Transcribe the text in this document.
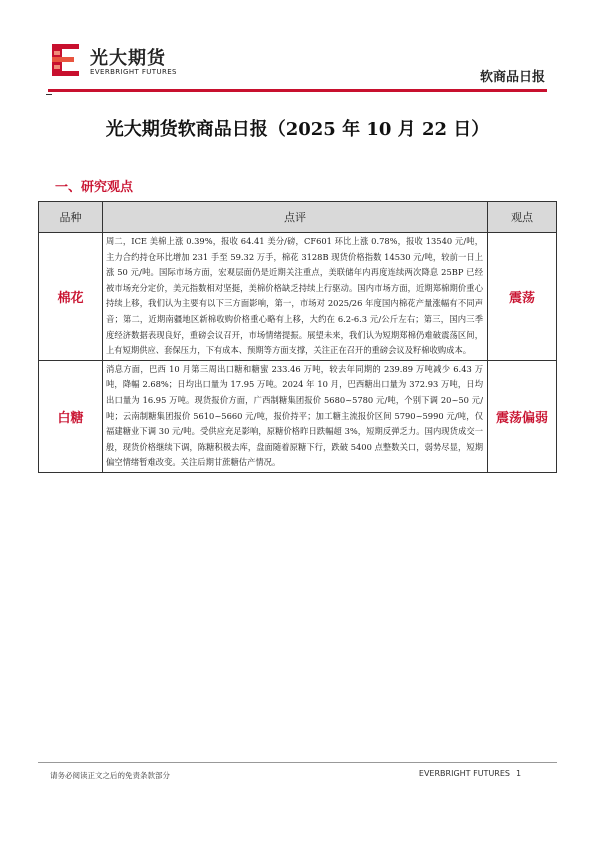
光大期货
EVERBRIGHT FUTURES	软商品日报
光大期货软商品日报（2025 年 10 月 22 日）
一、研究观点
品种	点评	观点
棉花	周二，ICE 美棉上涨 0.39%，报收 64.41 美分/磅，CF601 环比上涨 0.78%，报收 13540 元/吨，主力合约持仓环比增加 231 手至 59.32 万手，棉花 3128B 现货价格指数 14530 元/吨，较前一日上涨 50 元/吨。国际市场方面，宏观层面仍是近期关注重点，美联储年内再度连续两次降息 25BP 已经被市场充分定价，美元指数相对坚挺，美棉价格缺乏持续上行驱动。国内市场方面，近期郑棉期价重心持续上移，我们认为主要有以下三方面影响，第一，市场对 2025/26 年度国内棉花产量涨幅有不同声音；第二，近期南疆地区新棉收购价格重心略有上移，大约在 6.2-6.3 元/公斤左右；第三，国内三季度经济数据表现良好，重磅会议召开，市场情绪提振。展望未来，我们认为短期郑棉仍难破震荡区间，上有短期供应、套保压力，下有成本、预期等方面支撑，关注正在召开的重磅会议及籽棉收购成本。	震荡
白糖	消息方面，巴西 10 月第三周出口糖和糖蜜 233.46 万吨，较去年同期的 239.89 万吨减少 6.43 万吨，降幅 2.68%；日均出口量为 17.95 万吨。2024 年 10 月，巴西糖出口量为 372.93 万吨，日均出口量为 16.95 万吨。现货报价方面，广西制糖集团报价 5680~5780 元/吨，个别下调 20~50 元/吨；云南制糖集团报价 5610~5660 元/吨，报价持平；加工糖主流报价区间 5790~5990 元/吨，仅福建糖业下调 30 元/吨。受供应充足影响，原糖价格昨日跌幅超 3%，短期反弹乏力。国内现货成交一般，现货价格继续下调，陈糖积极去库，盘面随着原糖下行，跌破 5400 点整数关口，弱势尽显，短期偏空情绪暂难改变。关注后期甘蔗糖估产情况。	震荡偏弱
请务必阅读正文之后的免责条款部分	EVERBRIGHT FUTURES 1
